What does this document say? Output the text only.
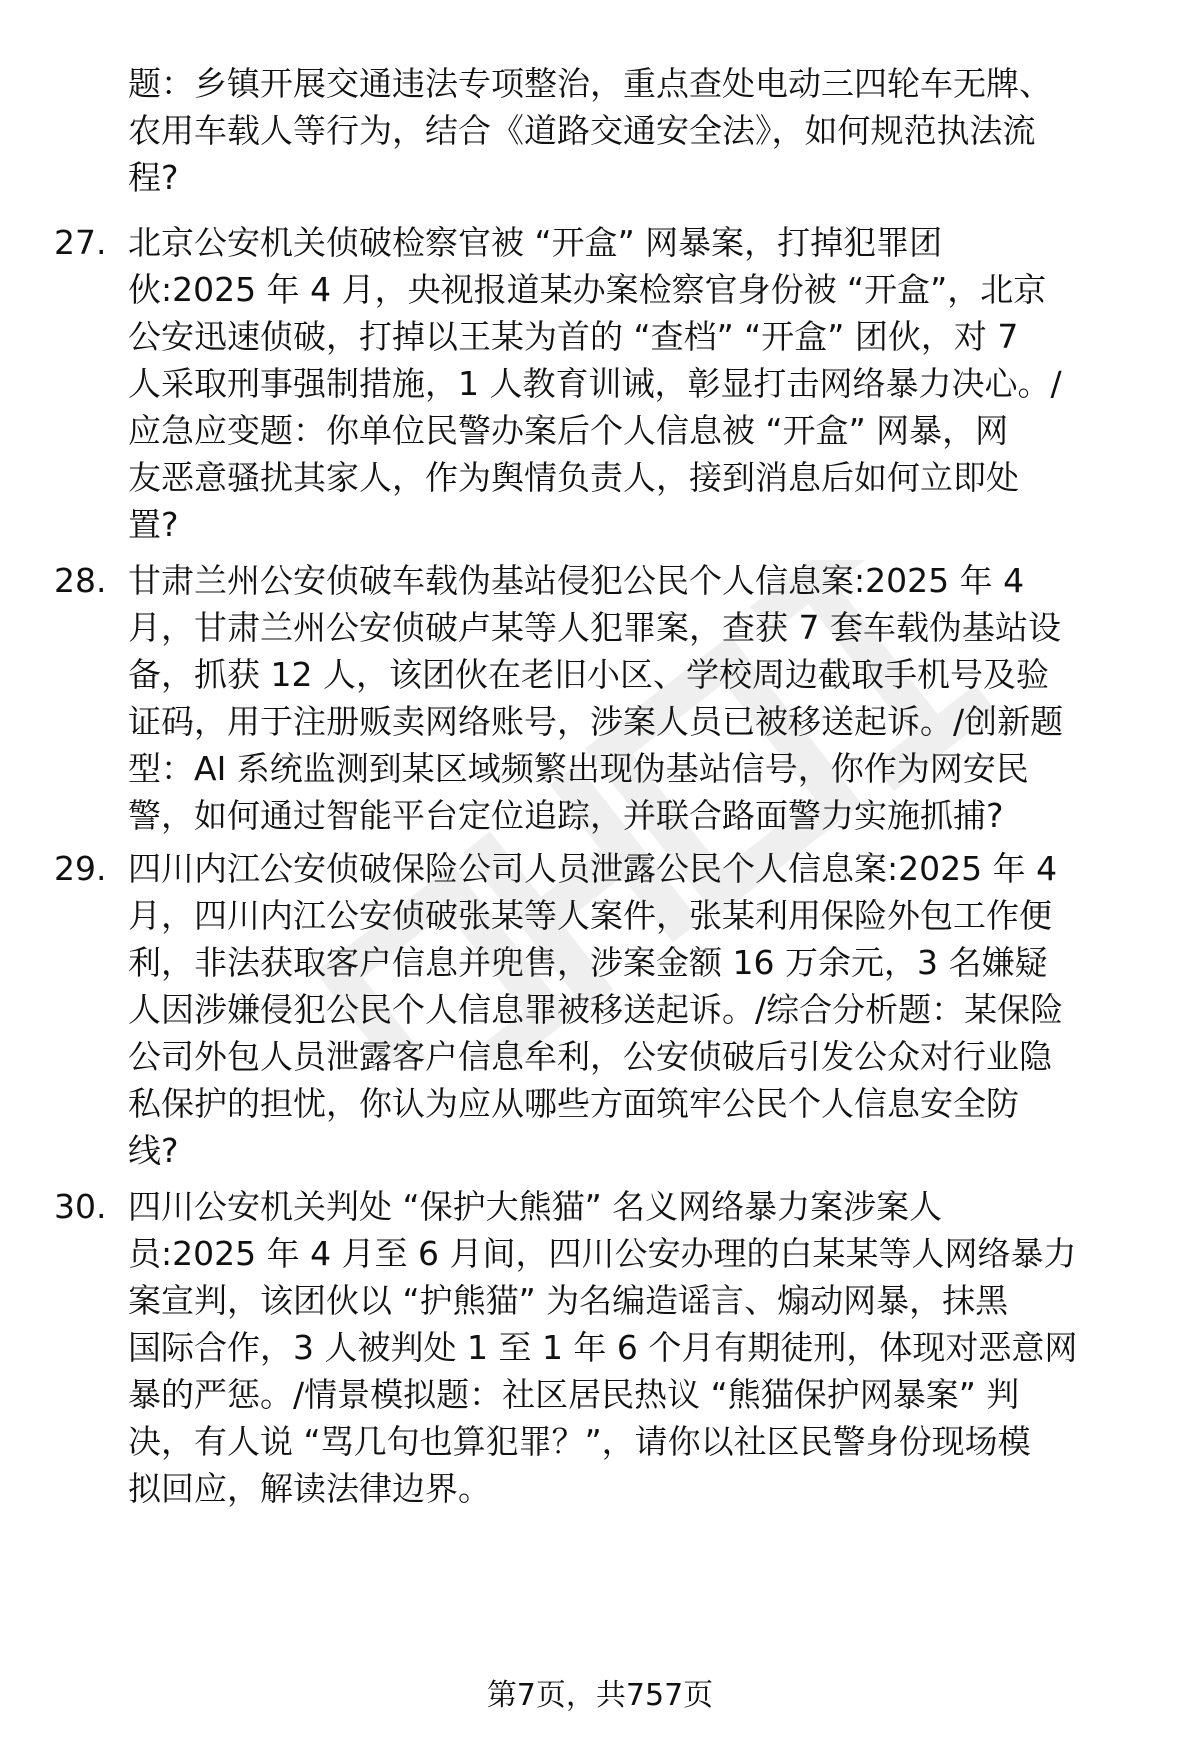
题：乡镇开展交通违法专项整治，重点查处电动三四轮车无牌、
农用车载人等行为，结合《道路交通安全法》，如何规范执法流
程?

27. 北京公安机关侦破检察官被 “开盒” 网暴案，打掉犯罪团
伙:2025 年 4 月，央视报道某办案检察官身份被 “开盒”，北京
公安迅速侦破，打掉以王某为首的 “查档” “开盒” 团伙，对 7
人采取刑事强制措施，1 人教育训诫，彰显打击网络暴力决心。/
应急应变题：你单位民警办案后个人信息被 “开盒” 网暴，网
友恶意骚扰其家人，作为舆情负责人，接到消息后如何立即处
置?

28. 甘肃兰州公安侦破车载伪基站侵犯公民个人信息案:2025 年 4
月，甘肃兰州公安侦破卢某等人犯罪案，查获 7 套车载伪基站设
备，抓获 12 人，该团伙在老旧小区、学校周边截取手机号及验
证码，用于注册贩卖网络账号，涉案人员已被移送起诉。/创新题
型：AI 系统监测到某区域频繁出现伪基站信号，你作为网安民
警，如何通过智能平台定位追踪，并联合路面警力实施抓捕?

29. 四川内江公安侦破保险公司人员泄露公民个人信息案:2025 年 4
月，四川内江公安侦破张某等人案件，张某利用保险外包工作便
利，非法获取客户信息并兜售，涉案金额 16 万余元，3 名嫌疑
人因涉嫌侵犯公民个人信息罪被移送起诉。/综合分析题：某保险
公司外包人员泄露客户信息牟利，公安侦破后引发公众对行业隐
私保护的担忧，你认为应从哪些方面筑牢公民个人信息安全防
线?

30. 四川公安机关判处 “保护大熊猫” 名义网络暴力案涉案人
员:2025 年 4 月至 6 月间，四川公安办理的白某某等人网络暴力
案宣判，该团伙以 “护熊猫” 为名编造谣言、煽动网暴，抹黑
国际合作，3 人被判处 1 至 1 年 6 个月有期徒刑，体现对恶意网
暴的严惩。/情景模拟题：社区居民热议 “熊猫保护网暴案” 判
决，有人说 “骂几句也算犯罪？”，请你以社区民警身份现场模
拟回应，解读法律边界。

第7页，共757页
